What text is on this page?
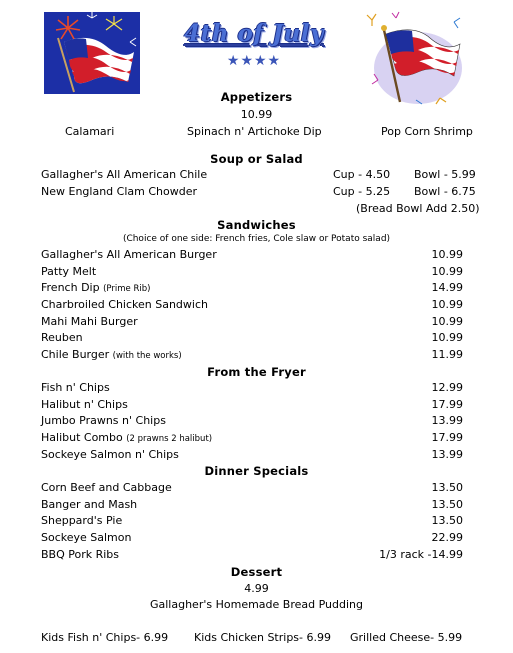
4th of July
★★★★
Appetizers
10.99
Calamari	Spinach n' Artichoke Dip	Pop Corn Shrimp
Soup or Salad
Gallagher's All American Chile	Cup - 4.50 Bowl - 5.99
New England Clam Chowder	Cup - 5.25 Bowl - 6.75
(Bread Bowl Add 2.50)
Sandwiches
(Choice of one side: French fries, Cole slaw or Potato salad)
Gallagher's All American Burger	10.99
Patty Melt	10.99
French Dip (Prime Rib)	14.99
Charbroiled Chicken Sandwich	10.99
Mahi Mahi Burger	10.99
Reuben	10.99
Chile Burger (with the works)	11.99
From the Fryer
Fish n' Chips	12.99
Halibut n' Chips	17.99
Jumbo Prawns n' Chips	13.99
Halibut Combo (2 prawns 2 halibut)	17.99
Sockeye Salmon n' Chips	13.99
Dinner Specials
Corn Beef and Cabbage	13.50
Banger and Mash	13.50
Sheppard's Pie	13.50
Sockeye Salmon	22.99
BBQ Pork Ribs	1/3 rack -14.99
Dessert
4.99
Gallagher's Homemade Bread Pudding
Kids Fish n' Chips- 6.99 Kids Chicken Strips- 6.99 Grilled Cheese- 5.99
